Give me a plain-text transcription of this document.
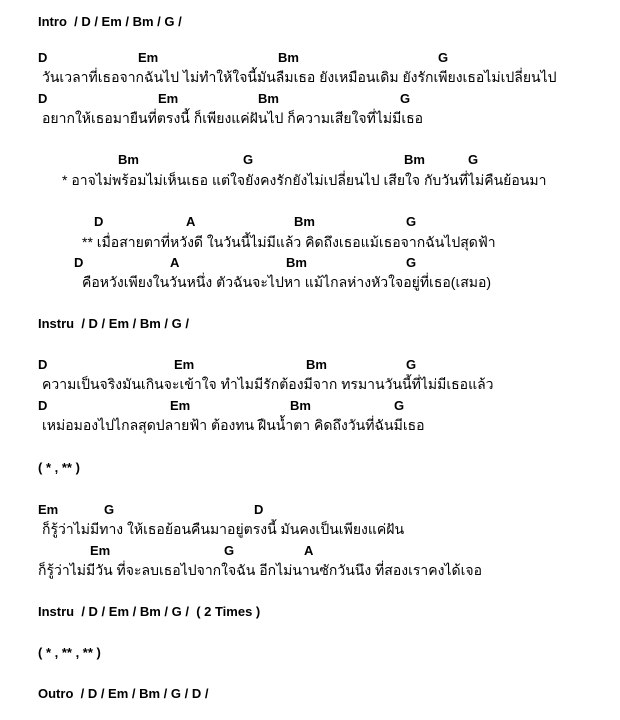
Intro  / D / Em / Bm / G /
D	Em	Bm	G
วันเวลาที่เธอจากฉันไป ไม่ทำให้ใจนี้มันลืมเธอ ยังเหมือนเดิม ยังรักเพียงเธอไม่เปลี่ยนไป
D	Em	Bm	G
อยากให้เธอมายืนที่ตรงนี้ ก็เพียงแค่ฝันไป ก็ความเสียใจที่ไม่มีเธอ
Bm	G	Bm	G
* อาจไม่พร้อมไม่เห็นเธอ แต่ใจยังคงรักยังไม่เปลี่ยนไป เสียใจ กับวันที่ไม่คืนย้อนมา
D	A	Bm	G
** เมื่อสายตาที่หวังดี ในวันนี้ไม่มีแล้ว คิดถึงเธอแม้เธอจากฉันไปสุดฟ้า
D	A	Bm	G
คือหวังเพียงในวันหนึ่ง ตัวฉันจะไปหา แม้ไกลห่างหัวใจอยู่ที่เธอ(เสมอ)
Instru  / D / Em / Bm / G /
D	Em	Bm	G
ความเป็นจริงมันเกินจะเข้าใจ ทำไมมีรักต้องมีจาก ทรมานวันนี้ที่ไม่มีเธอแล้ว
D	Em	Bm	G
เหม่อมองไปไกลสุดปลายฟ้า ต้องทน ฝืนน้ำตา คิดถึงวันที่ฉันมีเธอ
( * , ** )
Em	G	D
ก็รู้ว่าไม่มีทาง ให้เธอย้อนคืนมาอยู่ตรงนี้ มันคงเป็นเพียงแค่ฝัน
Em	G	A
ก็รู้ว่าไม่มีวัน ที่จะลบเธอไปจากใจฉัน อีกไม่นานซักวันนึง ที่สองเราคงได้เจอ
Instru  / D / Em / Bm / G /  ( 2 Times )
( * , ** , ** )
Outro  / D / Em / Bm / G / D /
